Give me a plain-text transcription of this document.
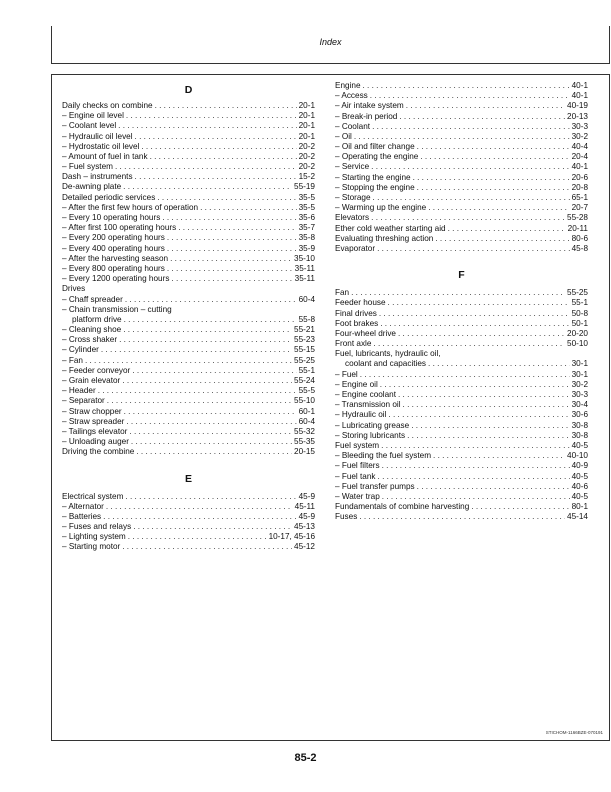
Index
D
Daily checks on combine . . .	20-1
– Engine oil level . . .	20-1
– Coolant level . . .	20-1
– Hydraulic oil level . . .	20-1
– Hydrostatic oil level . . .	20-2
– Amount of fuel in tank . . .	20-2
– Fuel system . . .	20-2
Dash – instruments . . .	15-2
De-awning plate . . .	55-19
Detailed periodic services . . .	35-5
– After the first few hours of operation . . .	35-5
– Every 10 operating hours . . .	35-6
– After first 100 operating hours . . .	35-7
– Every 200 operating hours . . .	35-8
– Every 400 operating hours . . .	35-9
– After the harvesting season . . .	35-10
– Every 800 operating hours . . .	35-11
– Every 1200 operating hours . . .	35-11
Drives
– Chaff spreader . . .	60-4
– Chain transmission – cutting
platform drive . . .	55-8
– Cleaning shoe . . .	55-21
– Cross shaker . . .	55-23
– Cylinder . . .	55-15
– Fan . . .	55-25
– Feeder conveyor . . .	55-1
– Grain elevator . . .	55-24
– Header . . .	55-5
– Separator . . .	55-10
– Straw chopper . . .	60-1
– Straw spreader . . .	60-4
– Tailings elevator . . .	55-32
– Unloading auger . . .	55-35
Driving the combine . . .	20-15
E
Electrical system . . .	45-9
– Alternator . . .	45-11
– Batteries . . .	45-9
– Fuses and relays . . .	45-13
– Lighting system . . .	10-17, 45-16
– Starting motor . . .	45-12
Engine . . .	40-1
– Access . . .	40-1
– Air intake system . . .	40-19
– Break-in period . . .	20-13
– Coolant . . .	30-3
– Oil . . .	30-2
– Oil and filter change . . .	40-4
– Operating the engine . . .	20-4
– Service . . .	40-1
– Starting the engine . . .	20-6
– Stopping the engine . . .	20-8
– Storage . . .	65-1
– Warming up the engine . . .	20-7
Elevators . . .	55-28
Ether cold weather starting aid . . .	20-11
Evaluating threshing action . . .	80-6
Evaporator . . .	45-8
F
Fan . . .	55-25
Feeder house . . .	55-1
Final drives . . .	50-8
Foot brakes . . .	50-1
Four-wheel drive . . .	20-20
Front axle . . .	50-10
Fuel, lubricants, hydraulic oil,
coolant and capacities . . .	30-1
– Fuel . . .	30-1
– Engine oil . . .	30-2
– Engine coolant . . .	30-3
– Transmission oil . . .	30-4
– Hydraulic oil . . .	30-6
– Lubricating grease . . .	30-8
– Storing lubricants . . .	30-8
Fuel system . . .	40-5
– Bleeding the fuel system . . .	40-10
– Fuel filters . . .	40-9
– Fuel tank . . .	40-5
– Fuel transfer pumps . . .	40-6
– Water trap . . .	40-5
Fundamentals of combine harvesting . . .	80-1
Fuses . . .	45-14
STICHOM-1166BZE-070191
85-2
